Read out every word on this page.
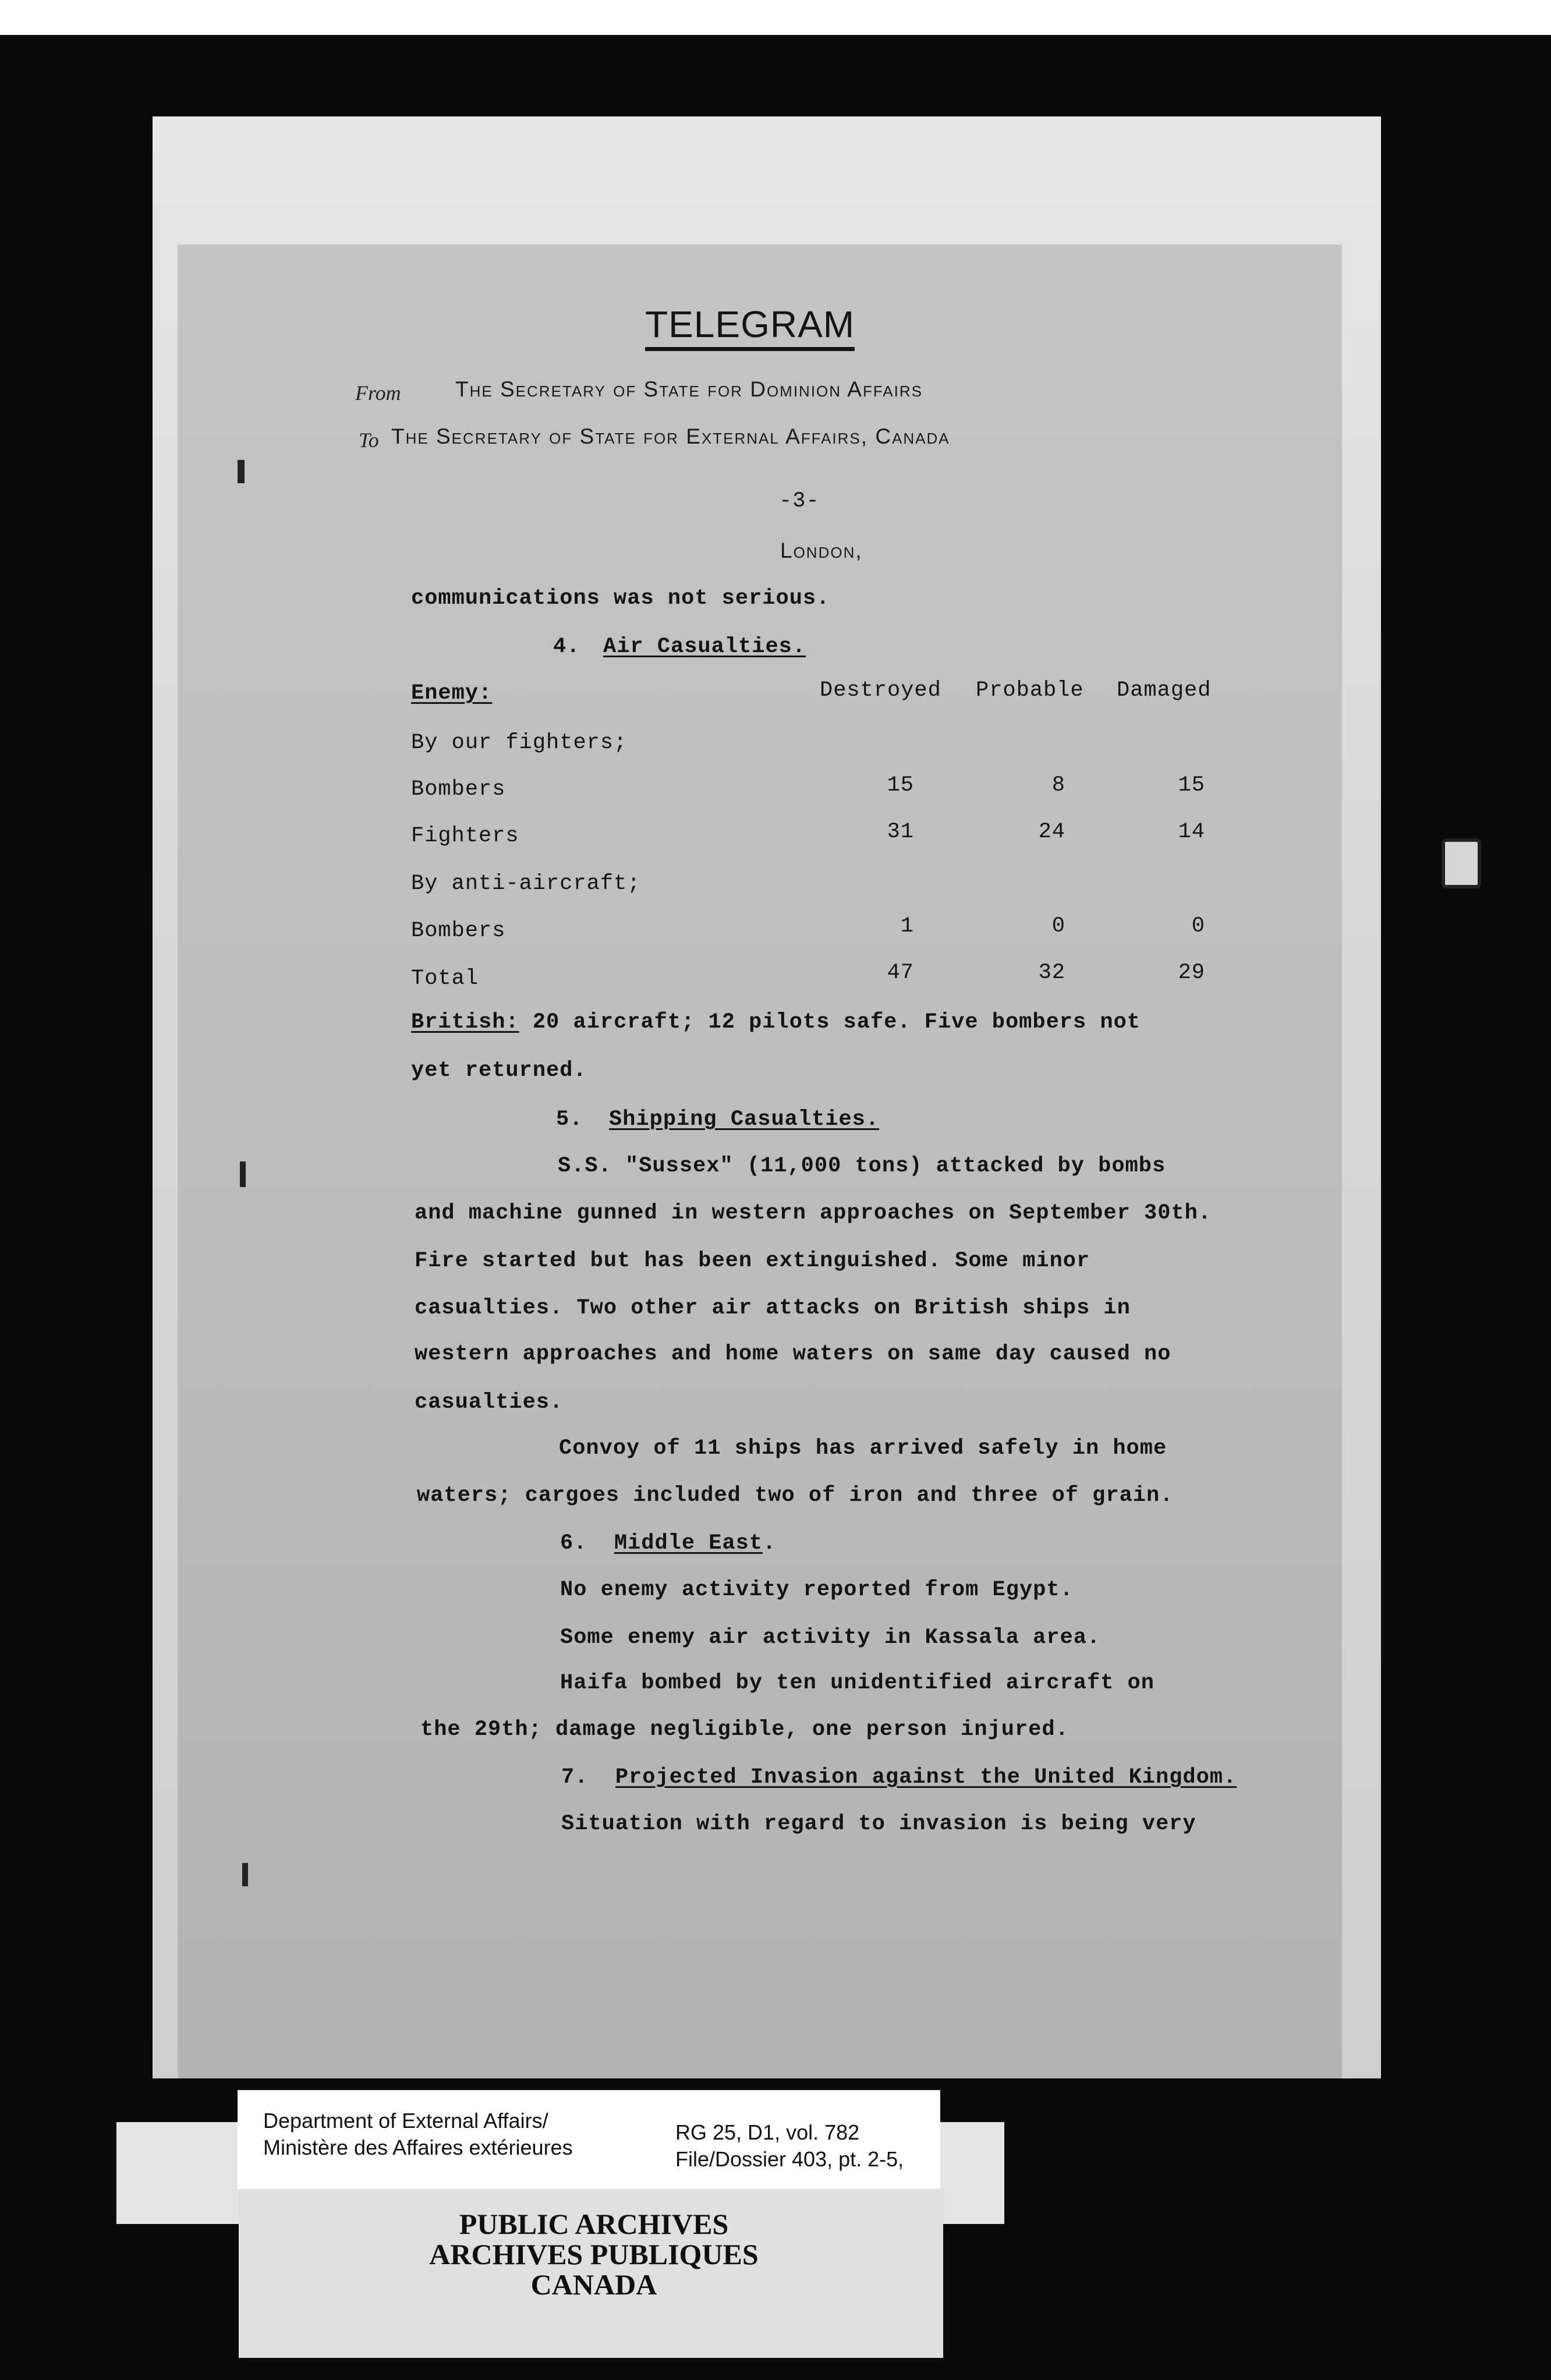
TELEGRAM
From	The Secretary of State for Dominion Affairs
To The Secretary of State for External Affairs, Canada
-3-
London,
communications was not serious.
4. Air Casualties.
Enemy:	Destroyed Probable Damaged
By our fighters;
Bombers	15	8	15
Fighters	31	24	14
By anti-aircraft;
Bombers	1	0	0
Total	47	32	29
British: 20 aircraft; 12 pilots safe. Five bombers not
yet returned.
5. Shipping Casualties.
S.S. "Sussex" (11,000 tons) attacked by bombs
and machine gunned in western approaches on September 30th.
Fire started but has been extinguished. Some minor
casualties. Two other air attacks on British ships in
western approaches and home waters on same day caused no
casualties.
Convoy of 11 ships has arrived safely in home
waters; cargoes included two of iron and three of grain.
6. Middle East.
No enemy activity reported from Egypt.
Some enemy air activity in Kassala area.
Haifa bombed by ten unidentified aircraft on
the 29th; damage negligible, one person injured.
7. Projected Invasion against the United Kingdom.
Situation with regard to invasion is being very
Department of External Affairs/
Ministère des Affaires extérieures
RG 25, D1, vol. 782
File/Dossier 403, pt. 2-5,
PUBLIC ARCHIVES
ARCHIVES PUBLIQUES
CANADA
